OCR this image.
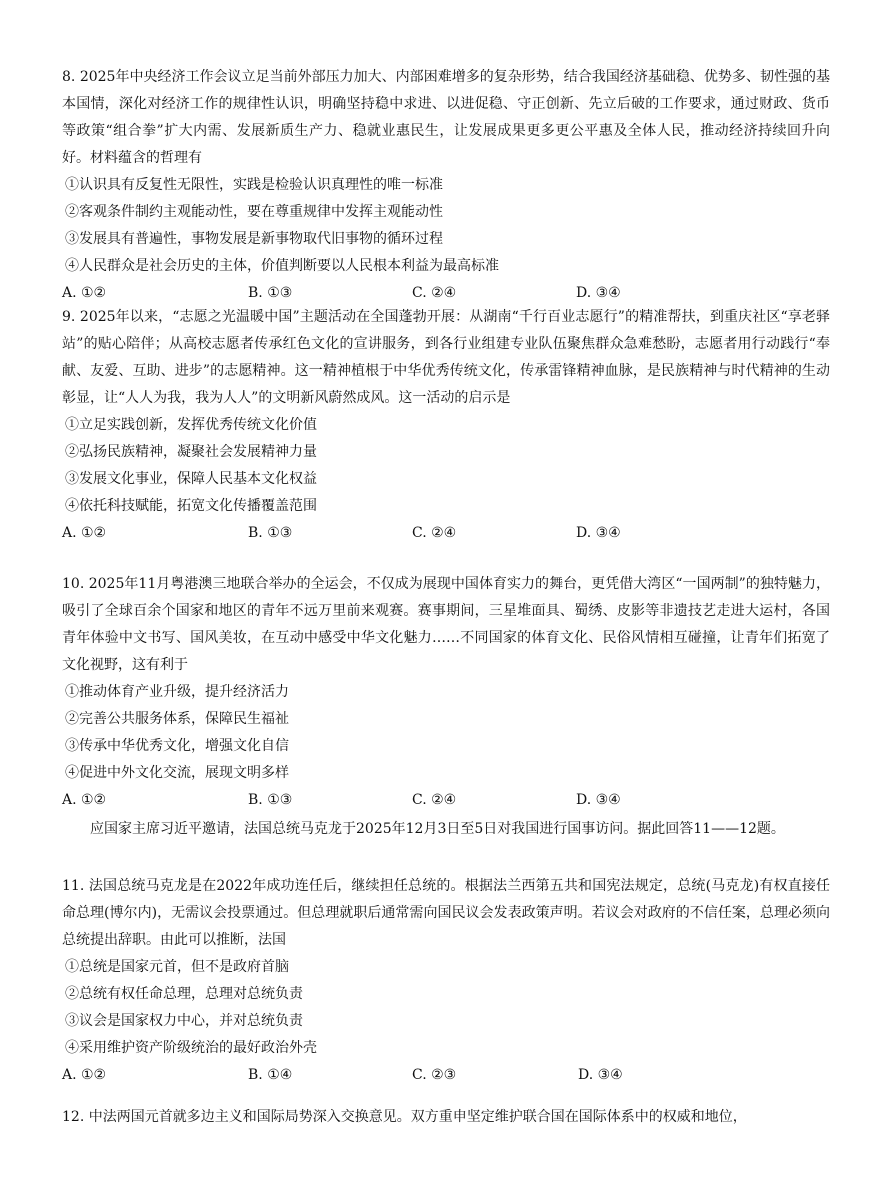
8. 2025年中央经济工作会议立足当前外部压力加大、内部困难增多的复杂形势，结合我国经济基础稳、优势多、韧性强的基本国情，深化对经济工作的规律性认识，明确坚持稳中求进、以进促稳、守正创新、先立后破的工作要求，通过财政、货币等政策“组合拳”扩大内需、发展新质生产力、稳就业惠民生，让发展成果更多更公平惠及全体人民，推动经济持续回升向好。材料蕴含的哲理有

①认识具有反复性无限性，实践是检验认识真理性的唯一标准
②客观条件制约主观能动性，要在尊重规律中发挥主观能动性
③发展具有普遍性，事物发展是新事物取代旧事物的循环过程
④人民群众是社会历史的主体，价值判断要以人民根本利益为最高标准
A. ①②	B. ①③	C. ②④	D. ③④

9. 2025年以来，“志愿之光温暖中国”主题活动在全国蓬勃开展：从湖南“千行百业志愿行”的精准帮扶，到重庆社区“享老驿站”的贴心陪伴；从高校志愿者传承红色文化的宣讲服务，到各行业组建专业队伍聚焦群众急难愁盼，志愿者用行动践行“奉献、友爱、互助、进步”的志愿精神。这一精神植根于中华优秀传统文化，传承雷锋精神血脉，是民族精神与时代精神的生动彰显，让“人人为我，我为人人”的文明新风蔚然成风。这一活动的启示是

①立足实践创新，发挥优秀传统文化价值
②弘扬民族精神，凝聚社会发展精神力量
③发展文化事业，保障人民基本文化权益
④依托科技赋能，拓宽文化传播覆盖范围
A. ①②	B. ①③	C. ②④	D. ③④

10. 2025年11月粤港澳三地联合举办的全运会，不仅成为展现中国体育实力的舞台，更凭借大湾区“一国两制”的独特魅力，吸引了全球百余个国家和地区的青年不远万里前来观赛。赛事期间，三星堆面具、蜀绣、皮影等非遗技艺走进大运村，各国青年体验中文书写、国风美妆，在互动中感受中华文化魅力……不同国家的体育文化、民俗风情相互碰撞，让青年们拓宽了文化视野，这有利于

①推动体育产业升级，提升经济活力
②完善公共服务体系，保障民生福祉
③传承中华优秀文化，增强文化自信
④促进中外文化交流，展现文明多样
A. ①②	B. ①③	C. ②④	D. ③④

应国家主席习近平邀请，法国总统马克龙于2025年12月3日至5日对我国进行国事访问。据此回答11——12题。

11. 法国总统马克龙是在2022年成功连任后，继续担任总统的。根据法兰西第五共和国宪法规定，总统(马克龙)有权直接任命总理(博尔内)，无需议会投票通过。但总理就职后通常需向国民议会发表政策声明。若议会对政府的不信任案，总理必须向总统提出辞职。由此可以推断，法国

①总统是国家元首，但不是政府首脑
②总统有权任命总理，总理对总统负责
③议会是国家权力中心，并对总统负责
④采用维护资产阶级统治的最好政治外壳
A. ①②	B. ①④	C. ②③	D. ③④

12. 中法两国元首就多边主义和国际局势深入交换意见。双方重申坚定维护联合国在国际体系中的权威和地位，
